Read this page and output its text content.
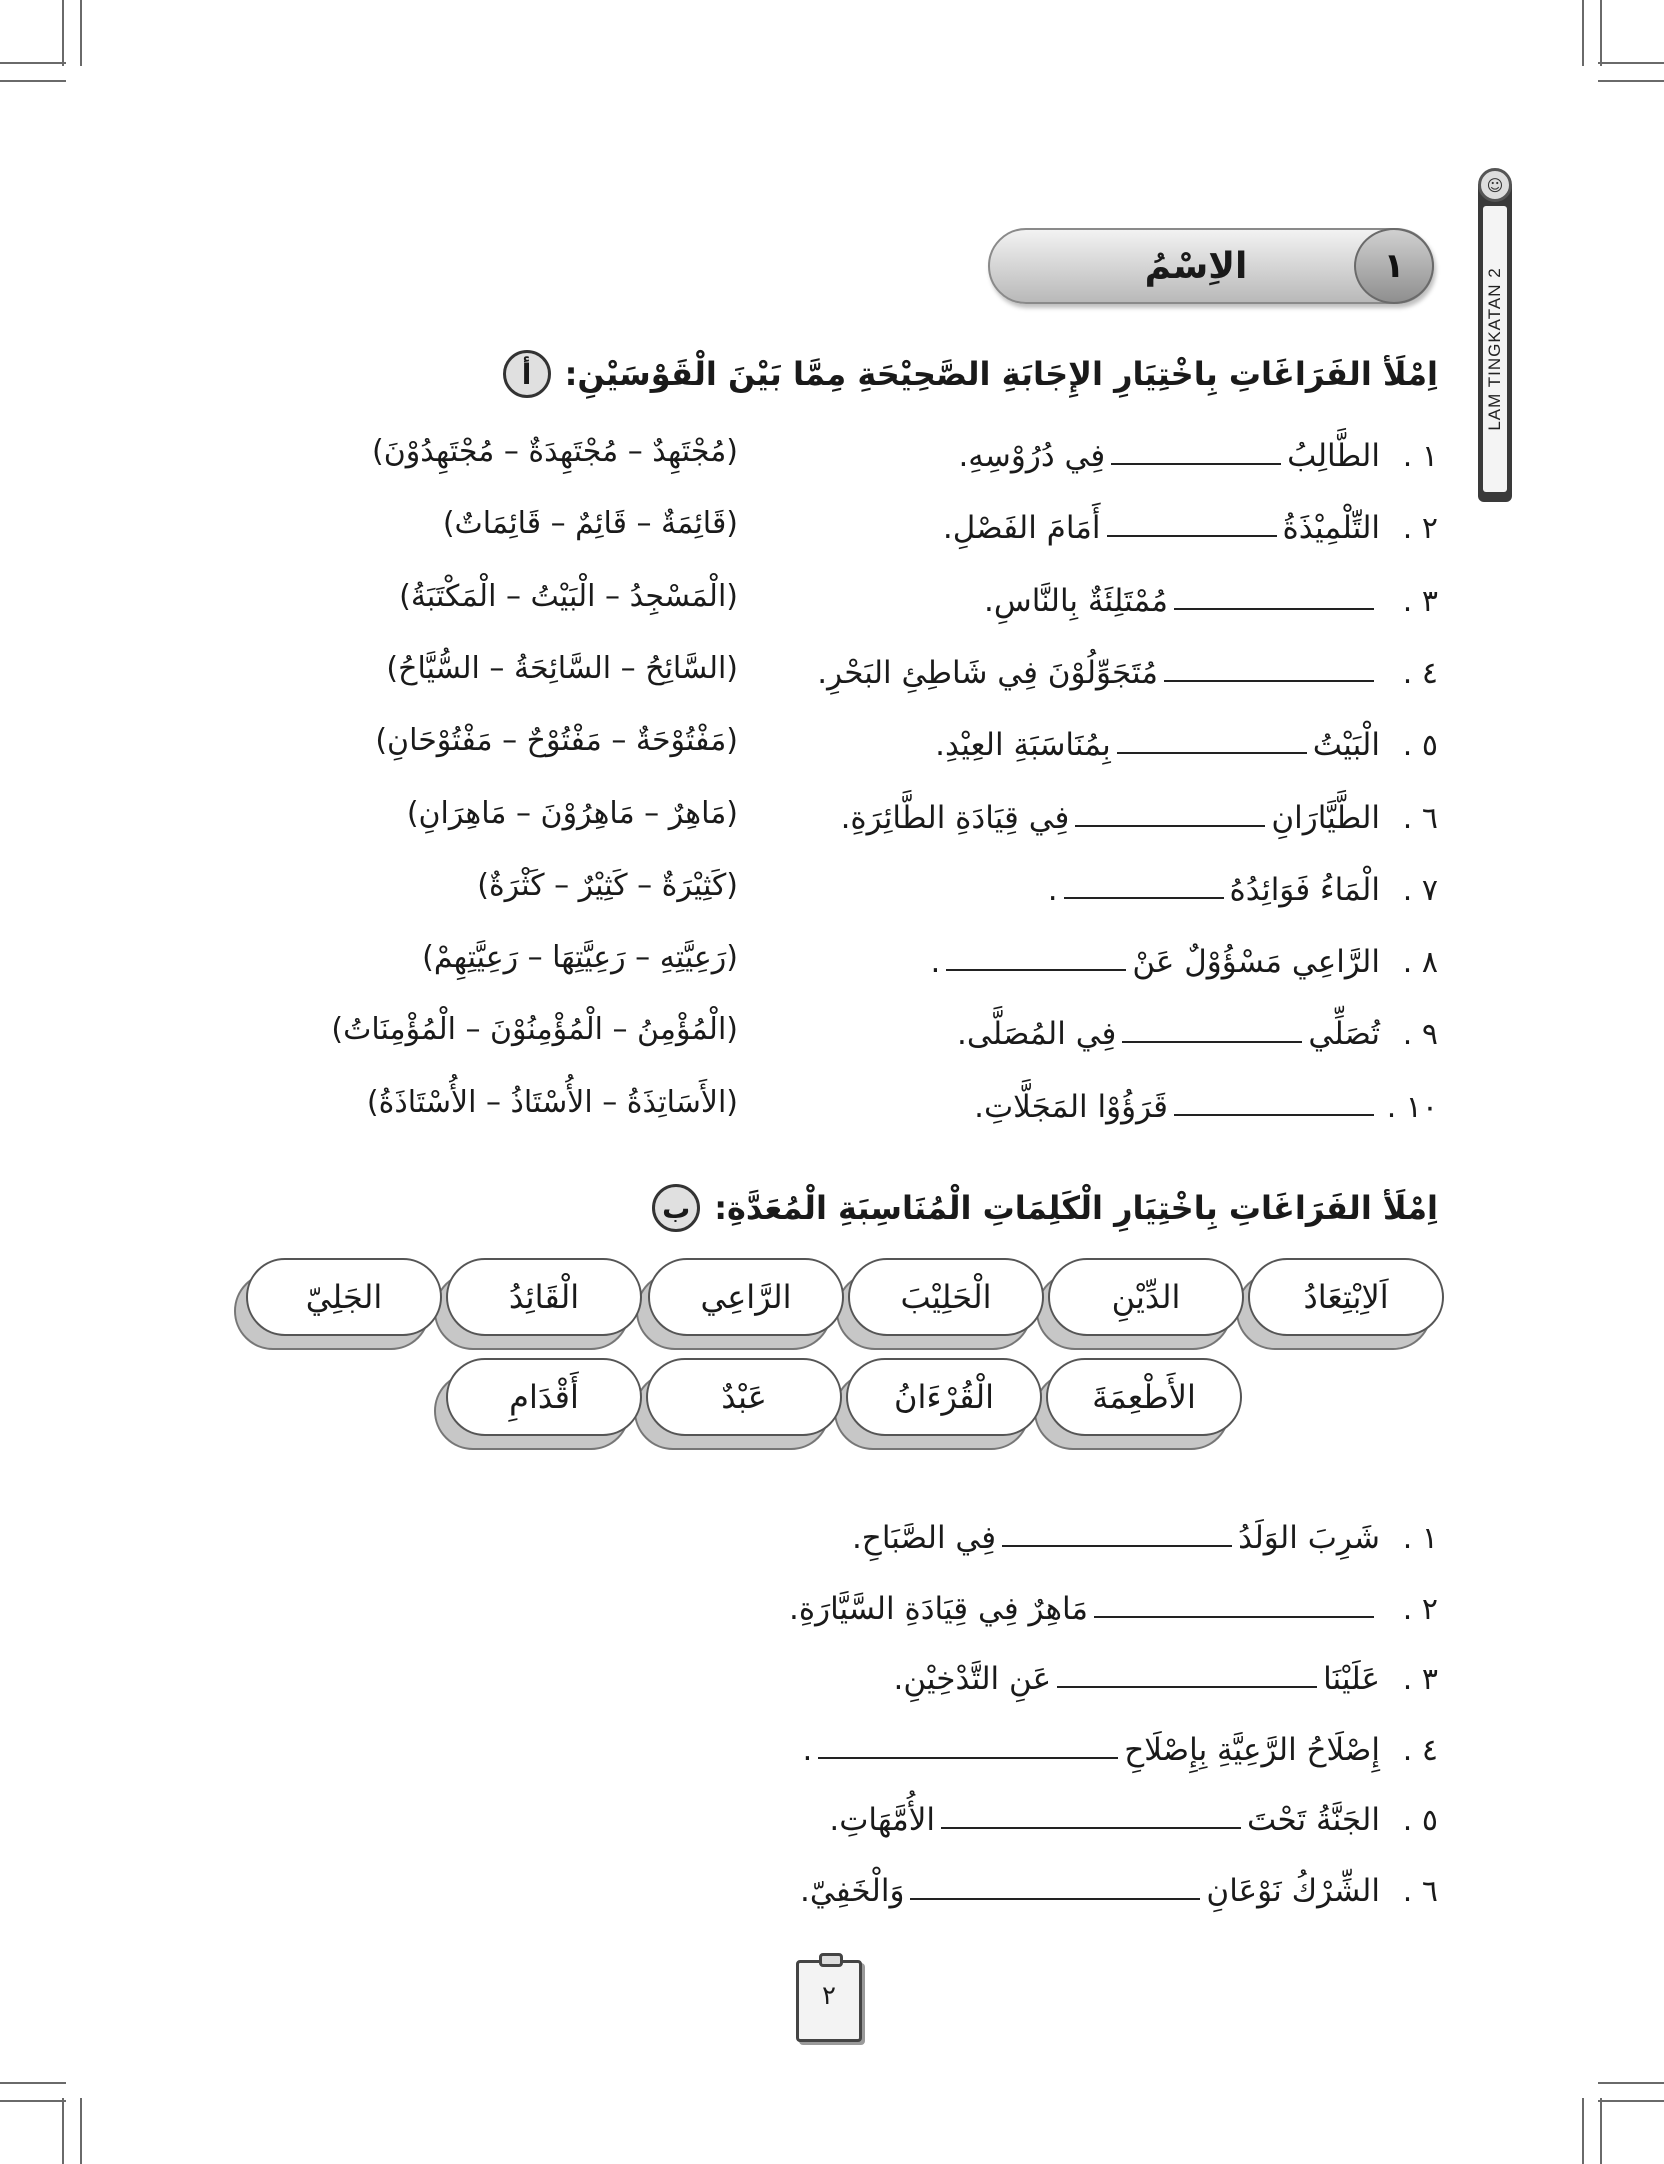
LAM TINGKATAN 2
☺
الاِسْمُ	١
أ	اِمْلَأ الفَرَاغَاتِ بِاخْتِيَارِ الإِجَابَةِ الصَّحِيْحَةِ مِمَّا بَيْنَ الْقَوْسَيْنِ:
١ .
الطَّالِبُ
فِي دُرُوْسِهِ.
(مُجْتَهِدٌ – مُجْتَهِدَةٌ – مُجْتَهِدُوْنَ)
٢ .
التِّلْمِيْذَةُ
أَمَامَ الفَصْلِ.
(قَائِمَةٌ – قَائِمٌ – قَائِمَاتٌ)
٣ .
مُمْتَلِئَةٌ بِالنَّاسِ.
(الْمَسْجِدُ – الْبَيْتُ – الْمَكْتَبَةُ)
٤ .
مُتَجَوِّلُوْنَ فِي شَاطِئِ البَحْرِ.
(السَّائِحُ – السَّائِحَةُ – السُّيَّاحُ)
٥ .
الْبَيْتُ
بِمُنَاسَبَةِ العِيْدِ.
(مَفْتُوْحَةٌ – مَفْتُوْحٌ – مَفْتُوْحَانِ)
٦ .
الطَّيَّارَانِ
فِي قِيَادَةِ الطَّائِرَةِ.
(مَاهِرٌ – مَاهِرُوْنَ – مَاهِرَانِ)
٧ .
الْمَاءُ فَوَائِدُهُ
.
(كَثِيْرَةٌ – كَثِيْرٌ – كَثْرَةٌ)
٨ .
الرَّاعِي مَسْؤُوْلٌ عَنْ
.
(رَعِيَّتِهِ – رَعِيَّتِهَا – رَعِيَّتِهِمْ)
٩ .
تُصَلِّي
فِي المُصَلَّى.
(الْمُؤْمِنُ – الْمُؤْمِنُوْنَ – الْمُؤْمِنَاتُ)
١٠ .
قَرَؤُوْا المَجَلَّاتِ.
(الأَسَاتِذَةُ – الأُسْتَاذُ – الأُسْتَاذَةُ)
ب اِمْلَأ الفَرَاغَاتِ بِاخْتِيَارِ الْكَلِمَاتِ الْمُنَاسِبَةِ الْمُعَدَّةِ:
اَلاِبْتِعَادُ
الدِّيْنِ
الْحَلِيْبَ
الرَّاعِي
الْقَائِدُ
الجَلِيّ
الأَطْعِمَةَ
الْقُرْءَانُ
عَبْدٌ
أَقْدَامِ
١ .
شَرِبَ الوَلَدُ
فِي الصَّبَاحِ.
٢ .
مَاهِرٌ فِي قِيَادَةِ السَّيَّارَةِ.
٣ .
عَلَيْنَا
عَنِ التَّدْخِيْنِ.
٤ .
إِصْلَاحُ الرَّعِيَّةِ بِإِصْلَاحِ
.
٥ .
الجَنَّةُ تَحْتَ
الأُمَّهَاتِ.
٦ .
الشِّرْكُ نَوْعَانِ
وَالْخَفِيّ.
٢
